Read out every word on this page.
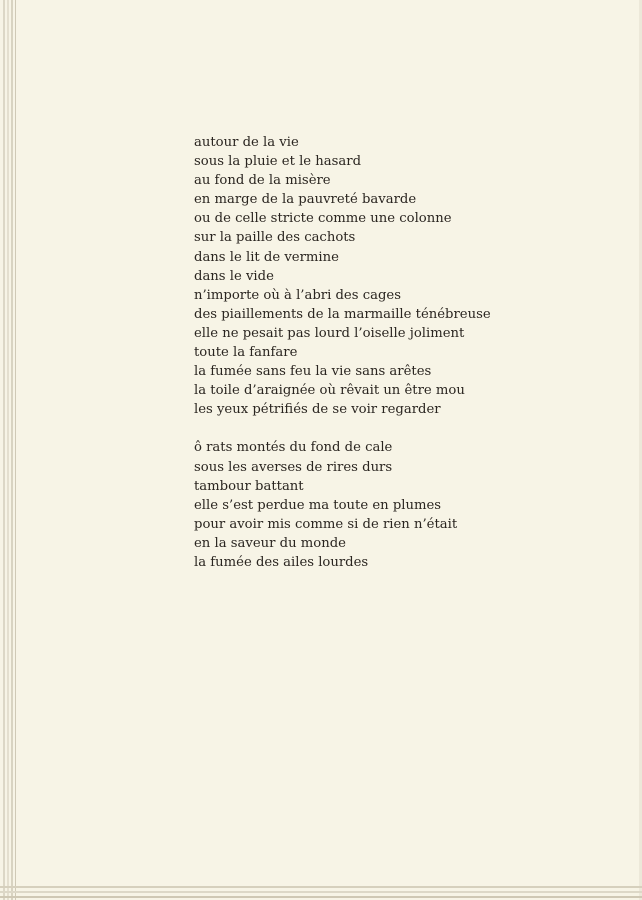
autour de la vie
sous la pluie et le hasard
au fond de la misère
en marge de la pauvreté bavarde
ou de celle stricte comme une colonne
sur la paille des cachots
dans le lit de vermine
dans le vide
n’importe où à l’abri des cages
des piaillements de la marmaille ténébreuse
elle ne pesait pas lourd l’oiselle joliment
toute la fanfare
la fumée sans feu la vie sans arêtes
la toile d’araignée où rêvait un être mou
les yeux pétrifiés de se voir regarder
ô rats montés du fond de cale
sous les averses de rires durs
tambour battant
elle s’est perdue ma toute en plumes
pour avoir mis comme si de rien n’était
en la saveur du monde
la fumée des ailes lourdes
